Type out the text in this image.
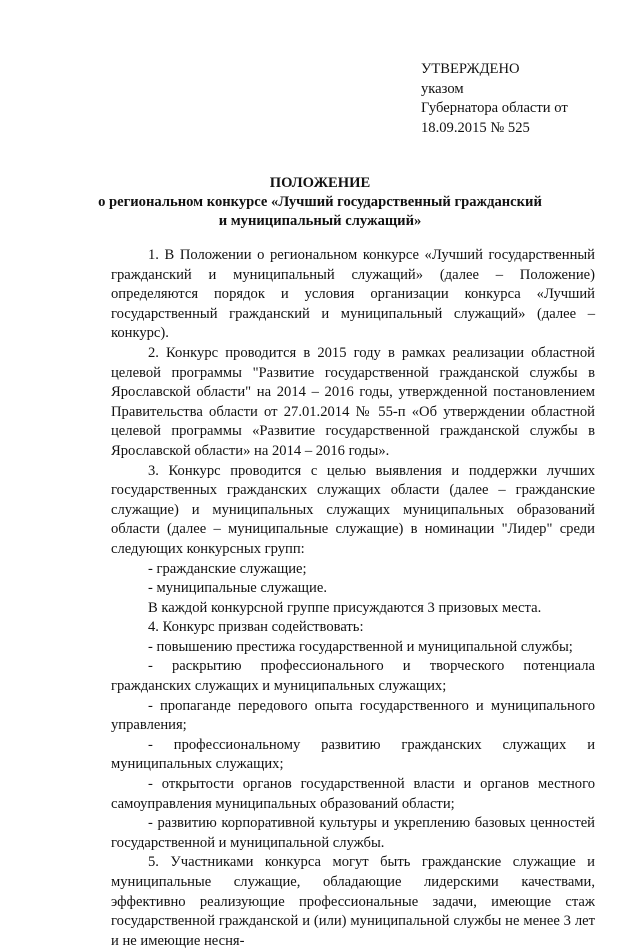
УТВЕРЖДЕНО
указом
Губернатора области от
18.09.2015 № 525
ПОЛОЖЕНИЕ
о региональном конкурсе «Лучший государственный гражданский
и муниципальный служащий»

1. В Положении о региональном конкурсе «Лучший государственный гражданский и муниципальный служащий» (далее – Положение) определяются порядок и условия организации конкурса «Лучший государственный гражданский и муниципальный служащий» (далее – конкурс).

2. Конкурс проводится в 2015 году в рамках реализации областной целевой программы "Развитие государственной гражданской службы в Ярославской области" на 2014 – 2016 годы, утвержденной постановлением Правительства области от 27.01.2014 № 55-п «Об утверждении областной целевой программы «Развитие государственной гражданской службы в Ярославской области» на 2014 – 2016 годы».

3. Конкурс проводится с целью выявления и поддержки лучших государственных гражданских служащих области (далее – гражданские служащие) и муниципальных служащих муниципальных образований области (далее – муниципальные служащие) в номинации "Лидер" среди следующих конкурсных групп:

- гражданские служащие;

- муниципальные служащие.

В каждой конкурсной группе присуждаются 3 призовых места.

4. Конкурс призван содействовать:

- повышению престижа государственной и муниципальной службы;

- раскрытию профессионального и творческого потенциала гражданских служащих и муниципальных служащих;

- пропаганде передового опыта государственного и муниципального управления;

- профессиональному развитию гражданских служащих и муниципальных служащих;

- открытости органов государственной власти и органов местного самоуправления муниципальных образований области;

- развитию корпоративной культуры и укреплению базовых ценностей государственной и муниципальной службы.

5. Участниками конкурса могут быть гражданские служащие и муниципальные служащие, обладающие лидерскими качествами, эффективно реализующие профессиональные задачи, имеющие стаж государственной гражданской и (или) муниципальной службы не менее 3 лет и не имеющие несня-
